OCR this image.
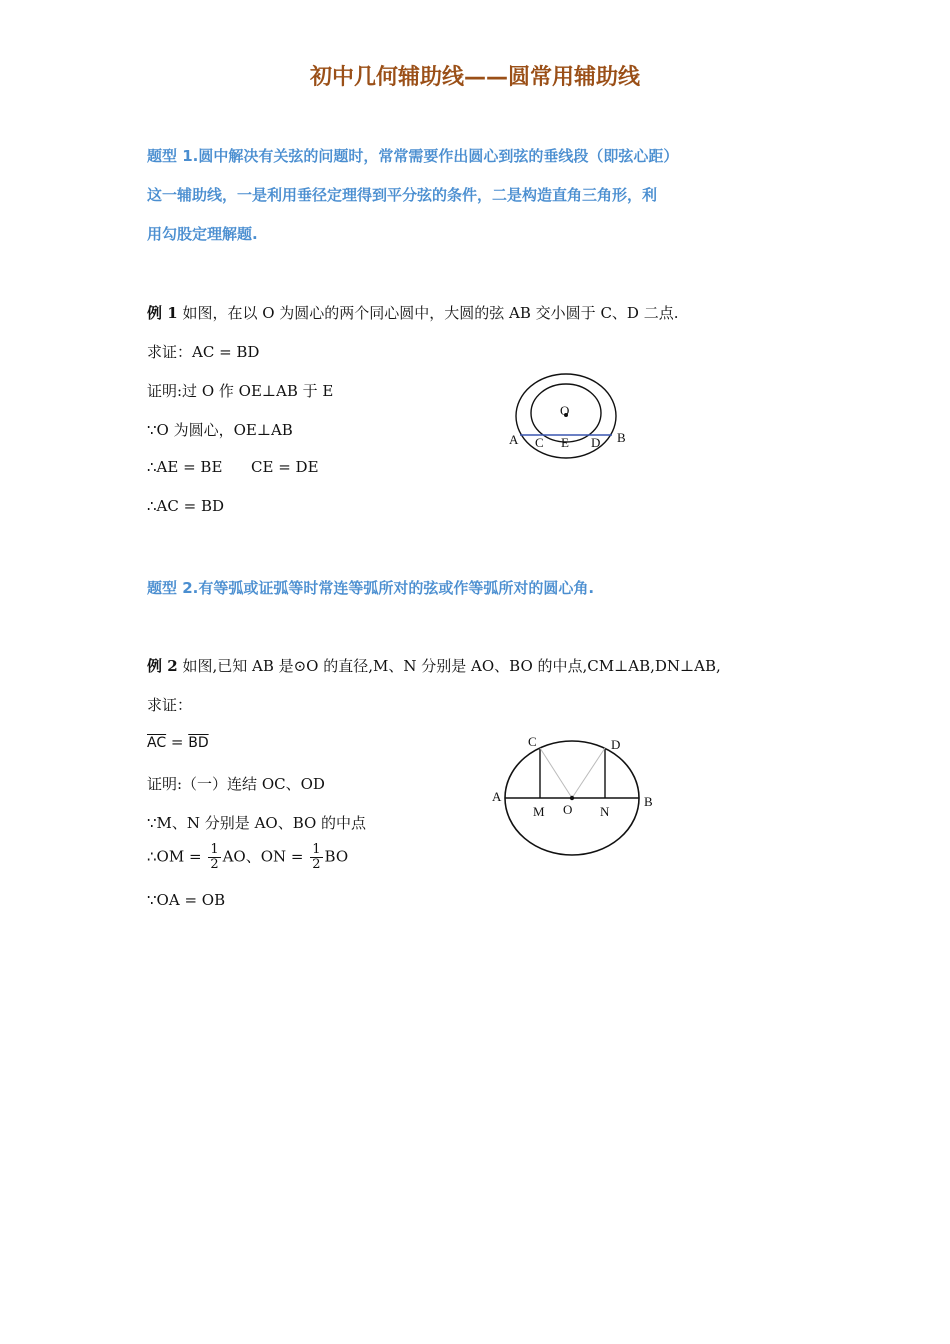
初中几何辅助线——圆常用辅助线
题型 1.圆中解决有关弦的问题时，常常需要作出圆心到弦的垂线段（即弦心距）
这一辅助线，一是利用垂径定理得到平分弦的条件，二是构造直角三角形，利
用勾股定理解题.
例 1 如图，在以 O 为圆心的两个同心圆中，大圆的弦 AB 交小圆于 C、D 二点.
求证：AC = BD
证明:过 O 作 OE⊥AB 于 E
∵O 为圆心，OE⊥AB
∴AE = BE      CE = DE
∴AC = BD
O
A C E D B
题型 2.有等弧或证弧等时常连等弧所对的弦或作等弧所对的圆心角.
例 2 如图,已知 AB 是⊙O 的直径,M、N 分别是 AO、BO 的中点,CM⊥AB,DN⊥AB,
求证：
$\overline{AC} = \overline{BD}$
证明:（一）连结 OC、OD
∵M、N 分别是 AO、BO 的中点
∴OM = $\frac{1}{2}$ AO、ON = $\frac{1}{2}$ BO
∵OA = OB
C	D
A
M O N
B
